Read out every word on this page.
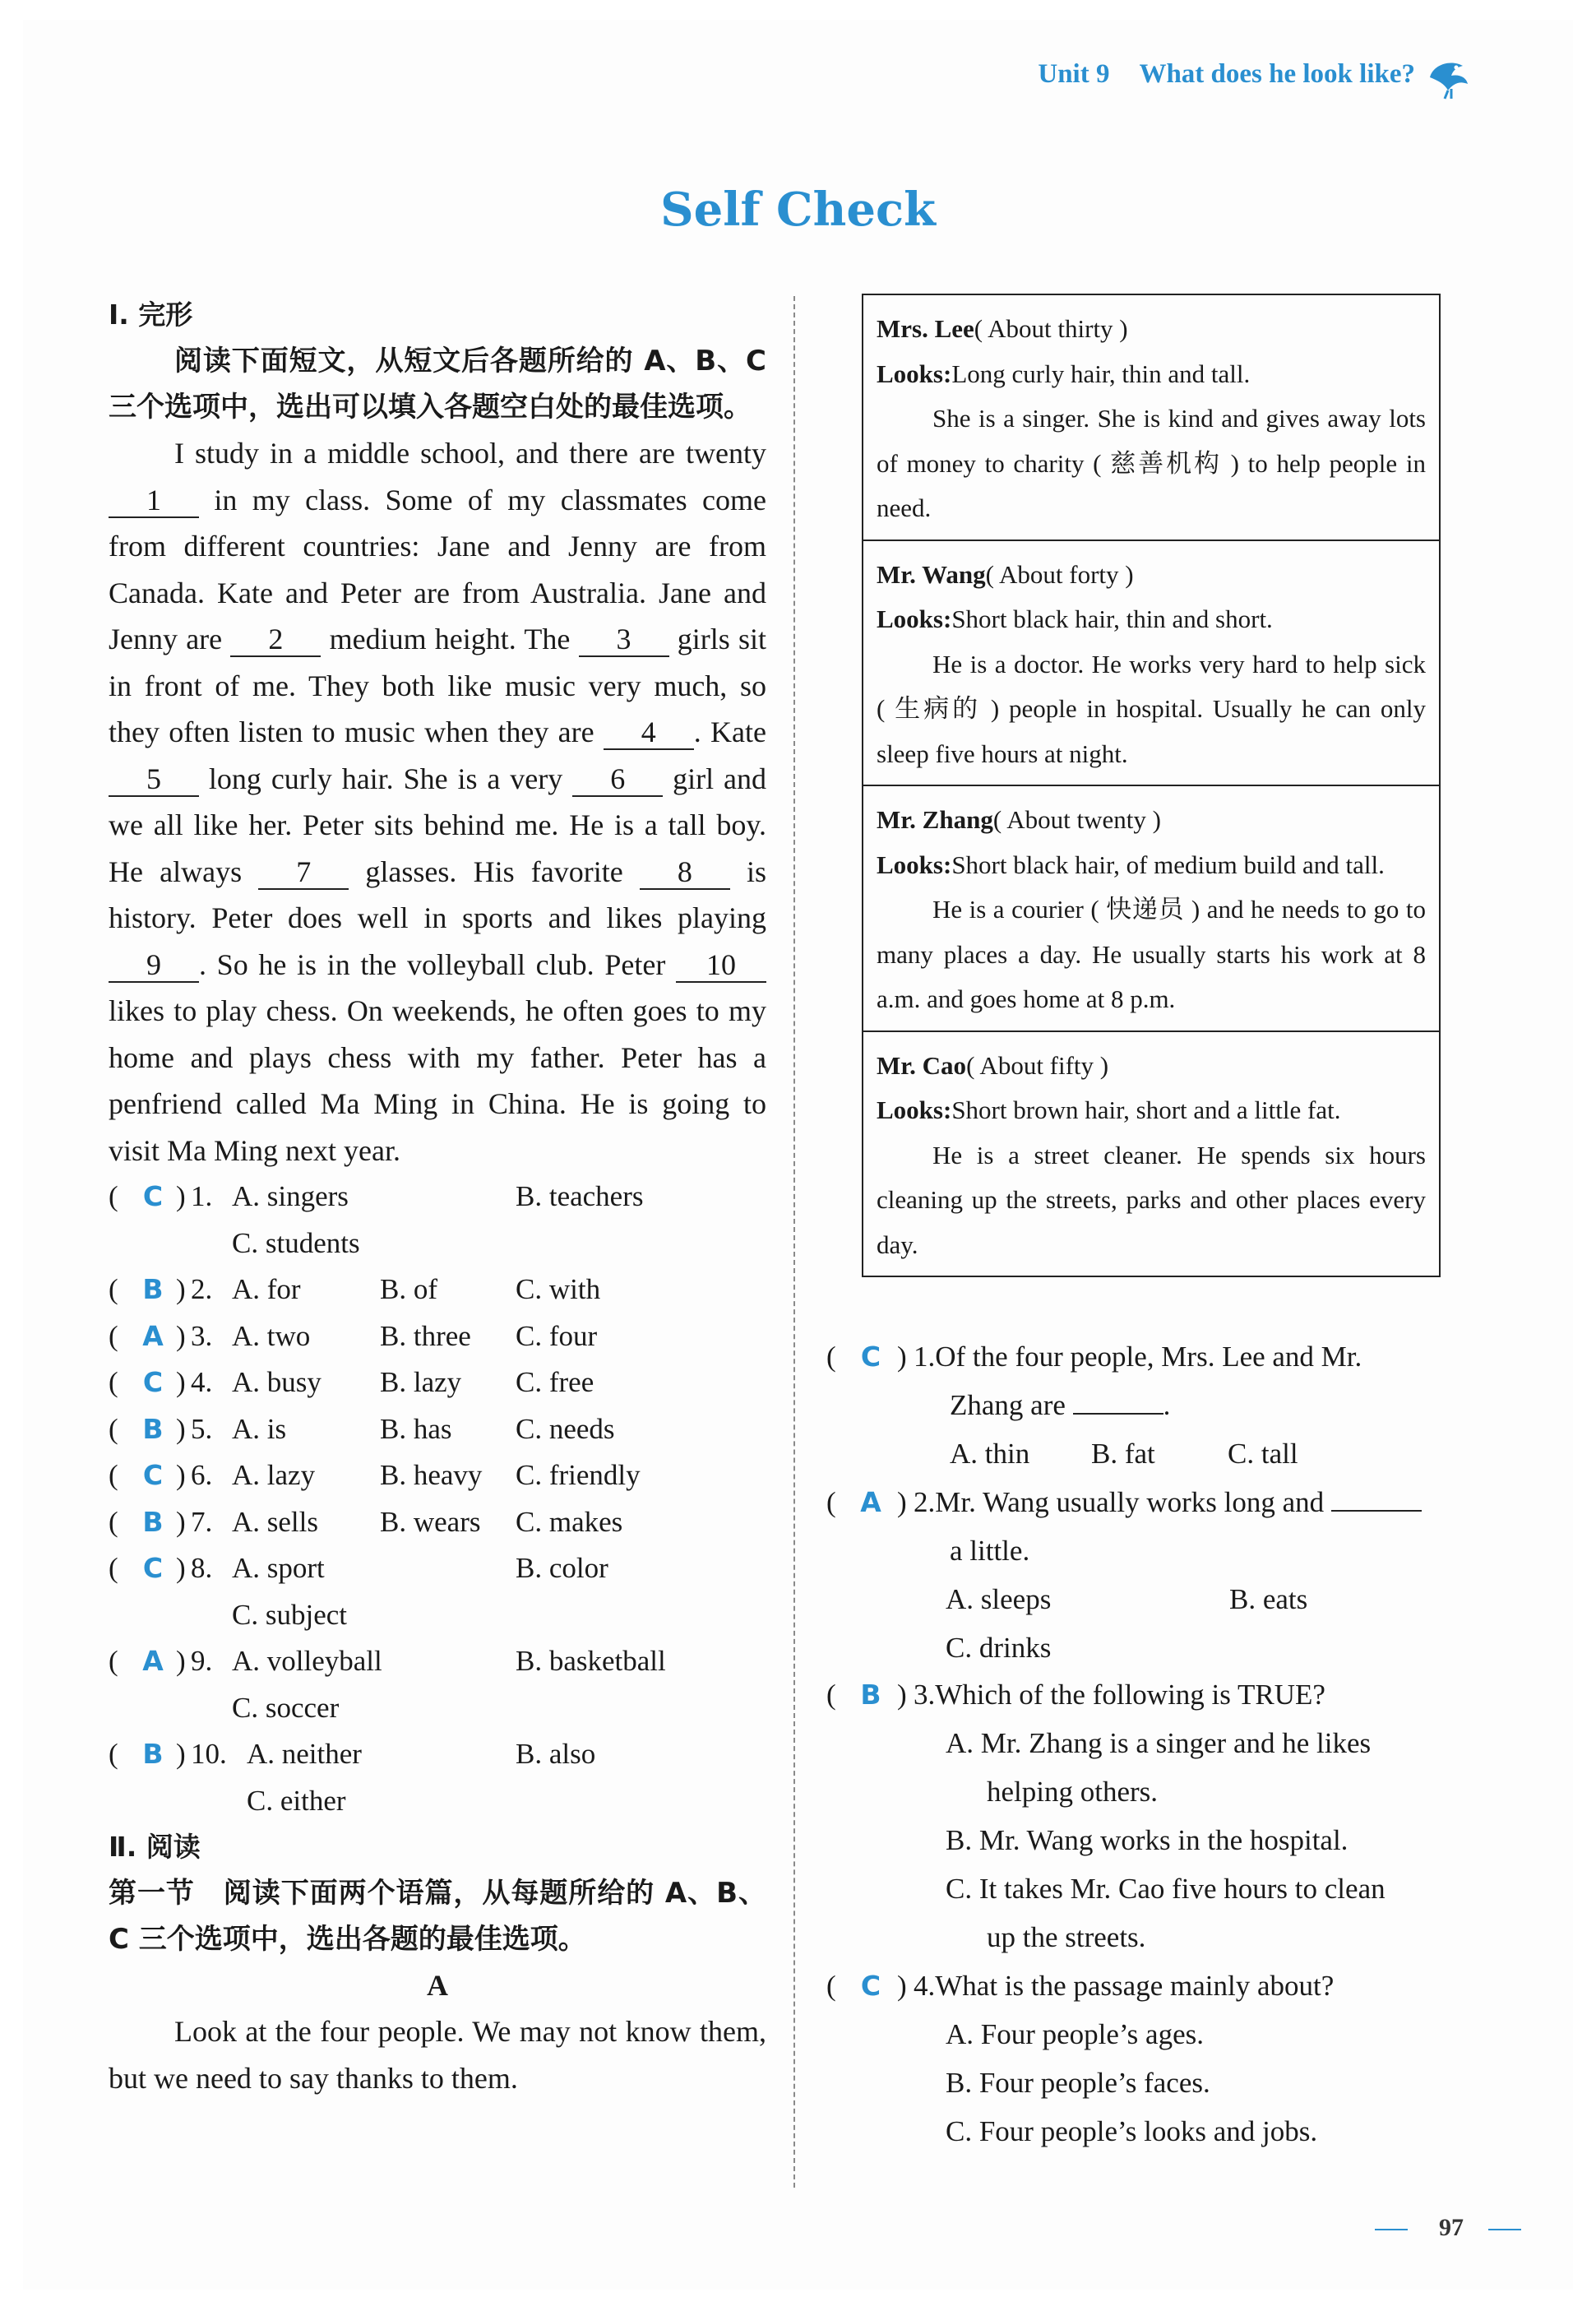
Unit 9 What does he look like?
Self Check
Ⅰ. 完形
阅读下面短文，从短文后各题所给的 A、B、C 三个选项中，选出可以填入各题空白处的最佳选项。

I study in a middle school, and there are twenty 1 in my class. Some of my classmates come from different countries: Jane and Jenny are from Canada. Kate and Peter are from Australia. Jane and Jenny are 2 medium height. The 3 girls sit in front of me. They both like music very much, so they often listen to music when they are 4 . Kate 5 long curly hair. She is a very 6 girl and we all like her. Peter sits behind me. He is a tall boy. He always 7 glasses. His favorite 8 is history. Peter does well in sports and likes playing 9 . So he is in the volleyball club. Peter 10 likes to play chess. On weekends, he often goes to my home and plays chess with my father. Peter has a penfriend called Ma Ming in China. He is going to visit Ma Ming next year.

( C ) 1. A. singers	B. teachers
C. students
( B ) 2. A. for	B. of	C. with
( A ) 3. A. two B. three C. four
( C ) 4. A. busy B. lazy C. free
( B ) 5. A. is	B. has C. needs
( C ) 6. A. lazy B. heavy C. friendly
( B ) 7. A. sells B. wears C. makes
( C ) 8. A. sport	B. color
C. subject
( A ) 9. A. volleyball	B. basketball
C. soccer
( B ) 10. A. neither	B. also
C. either
Ⅱ. 阅读
第一节　阅读下面两个语篇，从每题所给的 A、B、C 三个选项中，选出各题的最佳选项。
A

Look at the four people. We may not know them, but we need to say thanks to them.

Mrs. Lee( About thirty )
Looks:Long curly hair, thin and tall.
She is a singer. She is kind and gives away lots of money to charity ( 慈善机构 ) to help people in need.
Mr. Wang( About forty )
Looks:Short black hair, thin and short.
He is a doctor. He works very hard to help sick ( 生病的 ) people in hospital. Usually he can only sleep five hours at night.
Mr. Zhang( About twenty )
Looks:Short black hair, of medium build and tall.
He is a courier ( 快递员 ) and he needs to go to many places a day. He usually starts his work at 8 a.m. and goes home at 8 p.m.
Mr. Cao( About fifty )
Looks:Short brown hair, short and a little fat.
He is a street cleaner. He spends six hours cleaning up the streets, parks and other places every day.
( C ) 1.Of the four people, Mrs. Lee and Mr.
Zhang are	.
A. thin B. fat	C. tall
( A ) 2.Mr. Wang usually works long and
a little.
A. sleeps	B. eats
C. drinks
( B ) 3.Which of the following is TRUE?
A. Mr. Zhang is a singer and he likes
helping others.
B. Mr. Wang works in the hospital.
C. It takes Mr. Cao five hours to clean
up the streets.
( C ) 4.What is the passage mainly about?
A. Four people’s ages.
B. Four people’s faces.
C. Four people’s looks and jobs.
97
